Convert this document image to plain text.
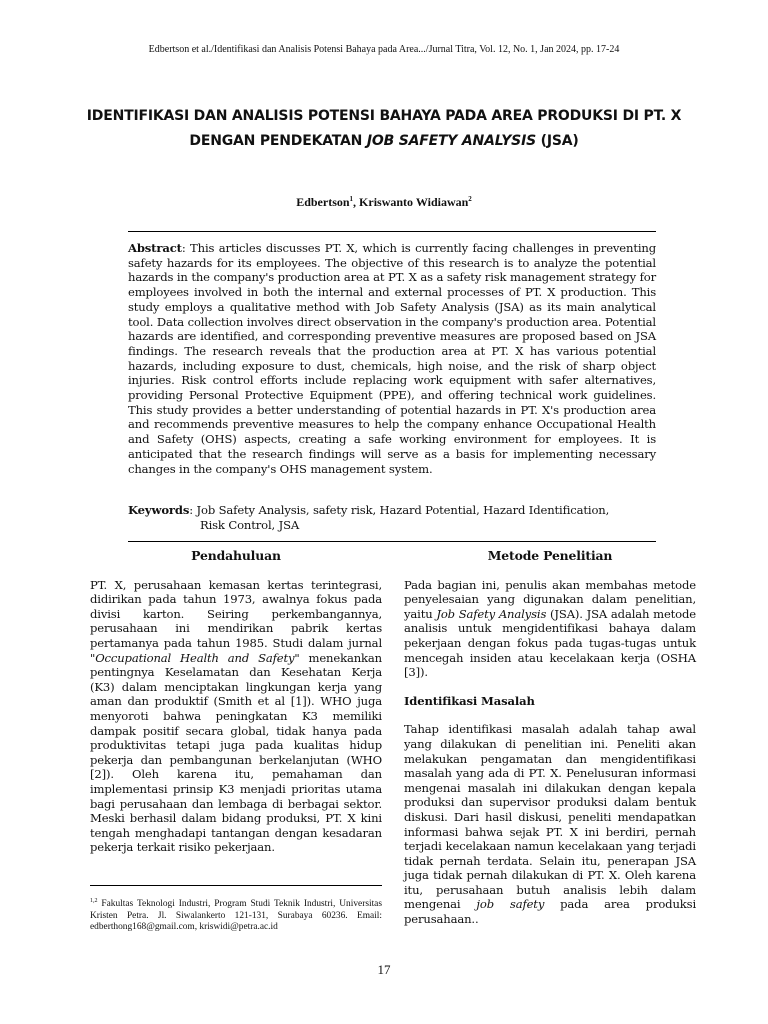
Edbertson et al./Identifikasi dan Analisis Potensi Bahaya pada Area.../Jurnal Titra, Vol. 12, No. 1, Jan 2024, pp. 17-24
IDENTIFIKASI DAN ANALISIS POTENSI BAHAYA PADA AREA PRODUKSI DI PT. X
DENGAN PENDEKATAN JOB SAFETY ANALYSIS (JSA)
Edbertson$^1$, Kriswanto Widiawan$^2$
Abstract: This articles discusses PT. X, which is currently facing challenges in preventing safety hazards for its employees. The objective of this research is to analyze the potential hazards in the company's production area at PT. X as a safety risk management strategy for employees involved in both the internal and external processes of PT. X production. This study employs a qualitative method with Job Safety Analysis (JSA) as its main analytical tool. Data collection involves direct observation in the company's production area. Potential hazards are identified, and corresponding preventive measures are proposed based on JSA findings. The research reveals that the production area at PT. X has various potential hazards, including exposure to dust, chemicals, high noise, and the risk of sharp object injuries. Risk control efforts include replacing work equipment with safer alternatives, providing Personal Protective Equipment (PPE), and offering technical work guidelines. This study provides a better understanding of potential hazards in PT. X's production area and recommends preventive measures to help the company enhance Occupational Health and Safety (OHS) aspects, creating a safe working environment for employees. It is anticipated that the research findings will serve as a basis for implementing necessary changes in the company's OHS management system.
Keywords: Job Safety Analysis, safety risk, Hazard Potential, Hazard Identification,
Risk Control, JSA
Pendahuluan
PT. X, perusahaan kemasan kertas terintegrasi, didirikan pada tahun 1973, awalnya fokus pada divisi karton. Seiring perkembangannya, perusahaan ini mendirikan pabrik kertas pertamanya pada tahun 1985. Studi dalam jurnal "Occupational Health and Safety" menekankan pentingnya Keselamatan dan Kesehatan Kerja (K3) dalam menciptakan lingkungan kerja yang aman dan produktif (Smith et al [1]). WHO juga menyoroti bahwa peningkatan K3 memiliki dampak positif secara global, tidak hanya pada produktivitas tetapi juga pada kualitas hidup pekerja dan pembangunan berkelanjutan (WHO [2]). Oleh karena itu, pemahaman dan implementasi prinsip K3 menjadi prioritas utama bagi perusahaan dan lembaga di berbagai sektor. Meski berhasil dalam bidang produksi, PT. X kini tengah menghadapi tantangan dengan kesadaran pekerja terkait risiko pekerjaan.
$^{1,2}$ Fakultas Teknologi Industri, Program Studi Teknik Industri, Universitas Kristen Petra. Jl. Siwalankerto 121-131, Surabaya 60236. Email: edberthong168@gmail.com, kriswidi@petra.ac.id
Metode Penelitian
Pada bagian ini, penulis akan membahas metode penyelesaian yang digunakan dalam penelitian, yaitu Job Safety Analysis (JSA). JSA adalah metode analisis untuk mengidentifikasi bahaya dalam pekerjaan dengan fokus pada tugas-tugas untuk mencegah insiden atau kecelakaan kerja (OSHA [3]).
Identifikasi Masalah
Tahap identifikasi masalah adalah tahap awal yang dilakukan di penelitian ini. Peneliti akan melakukan pengamatan dan mengidentifikasi masalah yang ada di PT. X. Penelusuran informasi mengenai masalah ini dilakukan dengan kepala produksi dan supervisor produksi dalam bentuk diskusi. Dari hasil diskusi, peneliti mendapatkan informasi bahwa sejak PT. X ini berdiri, pernah terjadi kecelakaan namun kecelakaan yang terjadi tidak pernah terdata. Selain itu, penerapan JSA juga tidak pernah dilakukan di PT. X. Oleh karena itu, perusahaan butuh analisis lebih dalam mengenai job safety pada area produksi perusahaan..
17
